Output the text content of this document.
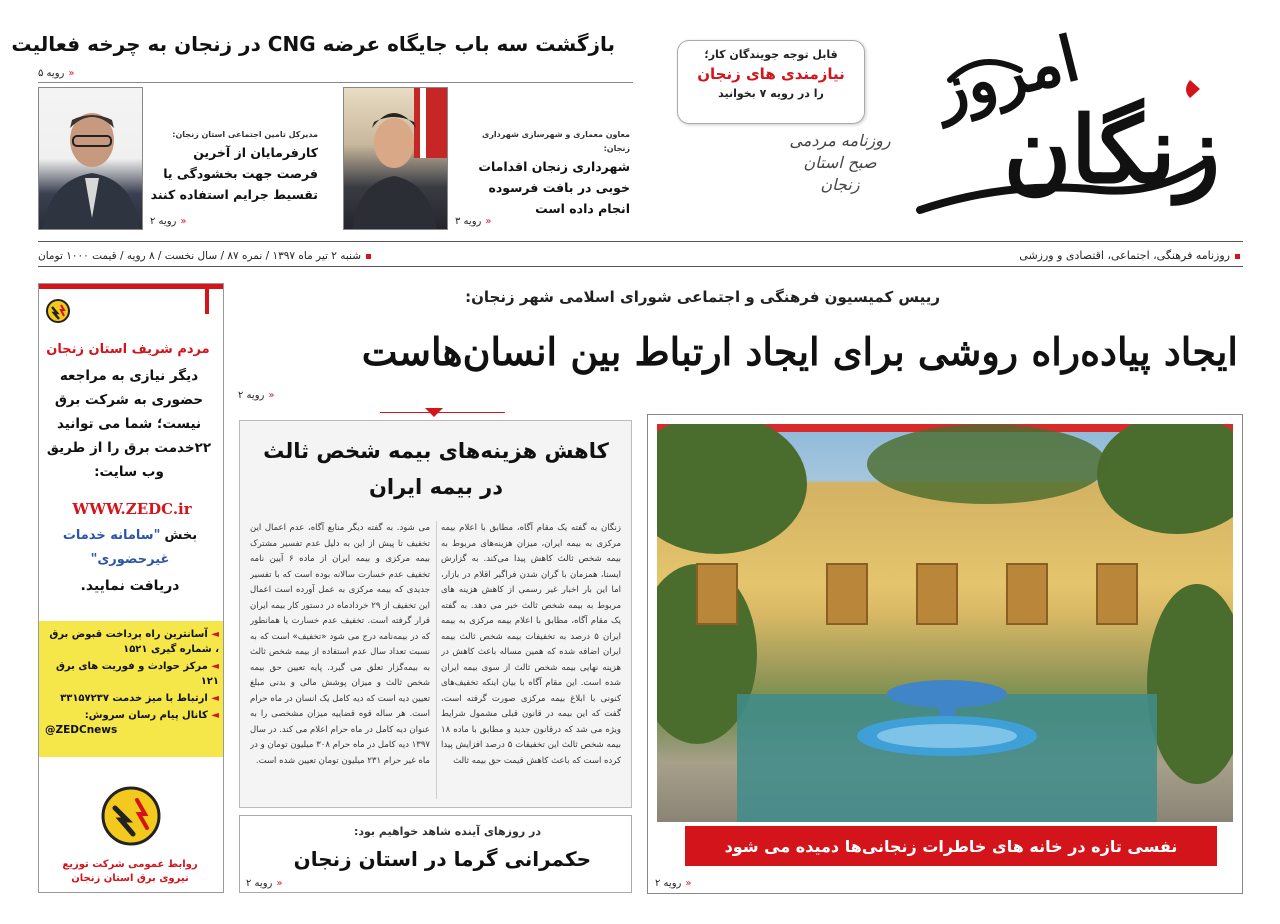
زنگان
امروز
روزنامه مردمی
صبح استان
زنجان
قابل توجه جویندگان کار؛
نیازمندی های زنجان
را در رویه ۷ بخوانید
بازگشت سه باب جایگاه عرضه CNG در زنجان به چرخه فعالیت
«
رویه ۵
معاون معماری و شهرسازی شهرداری زنجان:
شهرداری زنجان اقدامات خوبی در بافت فرسوده انجام داده است
«
رویه ۳
مدیرکل تامین اجتماعی استان زنجان:
کارفرمایان از آخرین فرصت جهت بخشودگی یا تقسیط جرایم استفاده کنند
«
رویه ۲
روزنامه فرهنگی، اجتماعی، اقتصادی و ورزشی
شنبه ۲ تیر ماه ۱۳۹۷ / نمره ۸۷ / سال نخست / ۸ رویه / قیمت ۱۰۰۰ تومان
رییس کمیسیون فرهنگی و اجتماعی شورای اسلامی شهر زنجان:
ایجاد پیاده‌راه روشی برای ایجاد ارتباط بین انسان‌هاست
«
رویه ۲
نفسی تازه در خانه های خاطرات زنجانی‌ها دمیده می شود
«
رویه ۲
کاهش هزینه‌های بیمه شخص ثالث در بیمه ایران
زنگان به گفته یک مقام آگاه، مطابق با اعلام بیمه مرکزی به بیمه ایران، میزان هزینه‌های مربوط به بیمه شخص ثالث کاهش پیدا می‌کند. به گزارش ایسنا، همزمان با گران شدن فراگیر اقلام در بازار، اما این بار اخبار غیر رسمی از کاهش هزینه های مربوط به بیمه شخص ثالث خبر می دهد. به گفته یک مقام آگاه، مطابق با اعلام بیمه مرکزی به بیمه ایران ۵ درصد به تخفیفات بیمه شخص ثالث بیمه ایران اضافه شده که همین مساله باعث کاهش در هزینه نهایی بیمه شخص ثالث از سوی بیمه ایران شده است. این مقام آگاه با بیان اینکه تخفیف‌های کنونی با ابلاغ بیمه مرکزی صورت گرفته است، گفت که این بیمه در قانون قبلی مشمول شرایط ویژه می شد که درقانون جدید و مطابق با ماده ۱۸ بیمه شخص ثالث این تخفیفات ۵ درصد افزایش پیدا کرده است که باعث کاهش قیمت حق بیمه ثالث
می شود. به گفته دیگر منابع آگاه، عدم اعمال این تخفیف تا پیش از این به دلیل عدم تفسیر مشترک بیمه مرکزی و بیمه ایران از ماده ۶ آیین نامه تخفیف عدم خسارت سالانه بوده است که با تفسیر جدیدی که بیمه مرکزی به عمل آورده است اعمال این تخفیف از ۲۹ خردادماه در دستور کار بیمه ایران قرار گرفته است. تخفیف عدم خسارت یا همانطور که در بیمه‌نامه درج می شود «تخفیف» است که به نسبت تعداد سال عدم استفاده از بیمه شخص ثالث به بیمه‌گزار تعلق می گیرد. پایه تعیین حق بیمه شخص ثالث و میزان پوشش مالی و بدنی مبلغ تعیین دیه است که دیه کامل یک انسان در ماه حرام است. هر ساله قوه قضاییه میزان مشخصی را به عنوان دیه کامل در ماه حرام اعلام می کند. در سال ۱۳۹۷ دیه کامل در ماه حرام ۳۰۸ میلیون تومان و در ماه غیر حرام ۲۳۱ میلیون تومان تعیین شده است.
در روزهای آینده شاهد خواهیم بود:
حکمرانی گرما در استان زنجان
«
رویه ۲
مردم شریف استان زنجان
دیگر نیازی به مراجعه حضوری به شرکت برق نیست؛ شما می توانید ۲۲خدمت برق را از طریق وب سایت:
WWW.ZEDC.ir
بخش "سامانه خدمات غیرحضوری"
دریافت نمایید.
◄ آسانترین راه پرداخت قبوض برق ، شماره گیری ۱۵۲۱
◄ مرکز حوادث و فوریت های برق ۱۲۱
◄ ارتباط با میز خدمت ۳۳۱۵۷۲۳۷
◄ کانال پیام رسان سروش:
@ZEDCnews
روابط عمومی شرکت توزیع
نیروی برق استان زنجان
